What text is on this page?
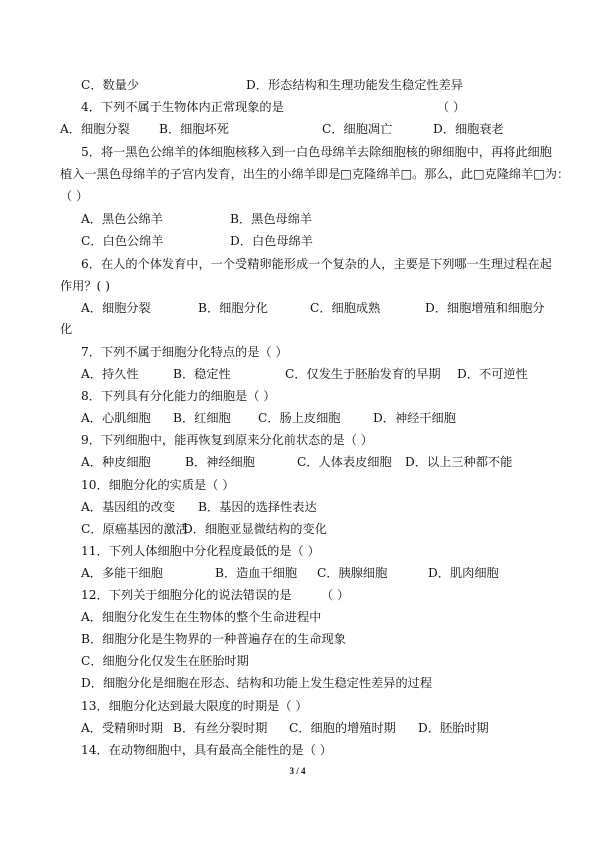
C．数量少	D．形态结构和生理功能发生稳定性差异
4．下列不属于生物体内正常现象的是	（ ）
A．细胞分裂 B．细胞坏死	C．细胞凋亡	D．细胞衰老
5．将一黑色公绵羊的体细胞核移入到一白色母绵羊去除细胞核的卵细胞中，再将此细胞
植入一黑色母绵羊的子宫内发育，出生的小绵羊即是□克隆绵羊□。那么，此□克隆绵羊□为：
（ ）
A．黑色公绵羊	B．黑色母绵羊
C．白色公绵羊	D．白色母绵羊
6．在人的个体发育中，一个受精卵能形成一个复杂的人，主要是下列哪一生理过程在起
作用？( )
A．细胞分裂	B．细胞分化	C．细胞成熟	D．细胞增殖和细胞分
化
7．下列不属于细胞分化特点的是（ ）
A．持久性	B．稳定性	C．仅发生于胚胎发育的早期 D．不可逆性
8．下列具有分化能力的细胞是（ ）
A．心肌细胞 B．红细胞 C．肠上皮细胞	D．神经干细胞
9．下列细胞中，能再恢复到原来分化前状态的是（ ）
A．种皮细胞	B．神经细胞	C．人体表皮细胞 D．以上三种都不能
10．细胞分化的实质是（ ）
A．基因组的改变 B．基因的选择性表达
C．原癌基因的激活
D．细胞亚显微结构的变化
11．下列人体细胞中分化程度最低的是（ ）
A．多能干细胞	B．造血干细胞 C．胰腺细胞	D．肌肉细胞
12．下列关于细胞分化的说法错误的是 （ ）
A．细胞分化发生在生物体的整个生命进程中
B．细胞分化是生物界的一种普遍存在的生命现象
C．细胞分化仅发生在胚胎时期
D．细胞分化是细胞在形态、结构和功能上发生稳定性差异的过程
13．细胞分化达到最大限度的时期是（ ）
A．受精卵时期 B．有丝分裂时期 C．细胞的增殖时期 D．胚胎时期
14．在动物细胞中，具有最高全能性的是（ ）
3 / 4
